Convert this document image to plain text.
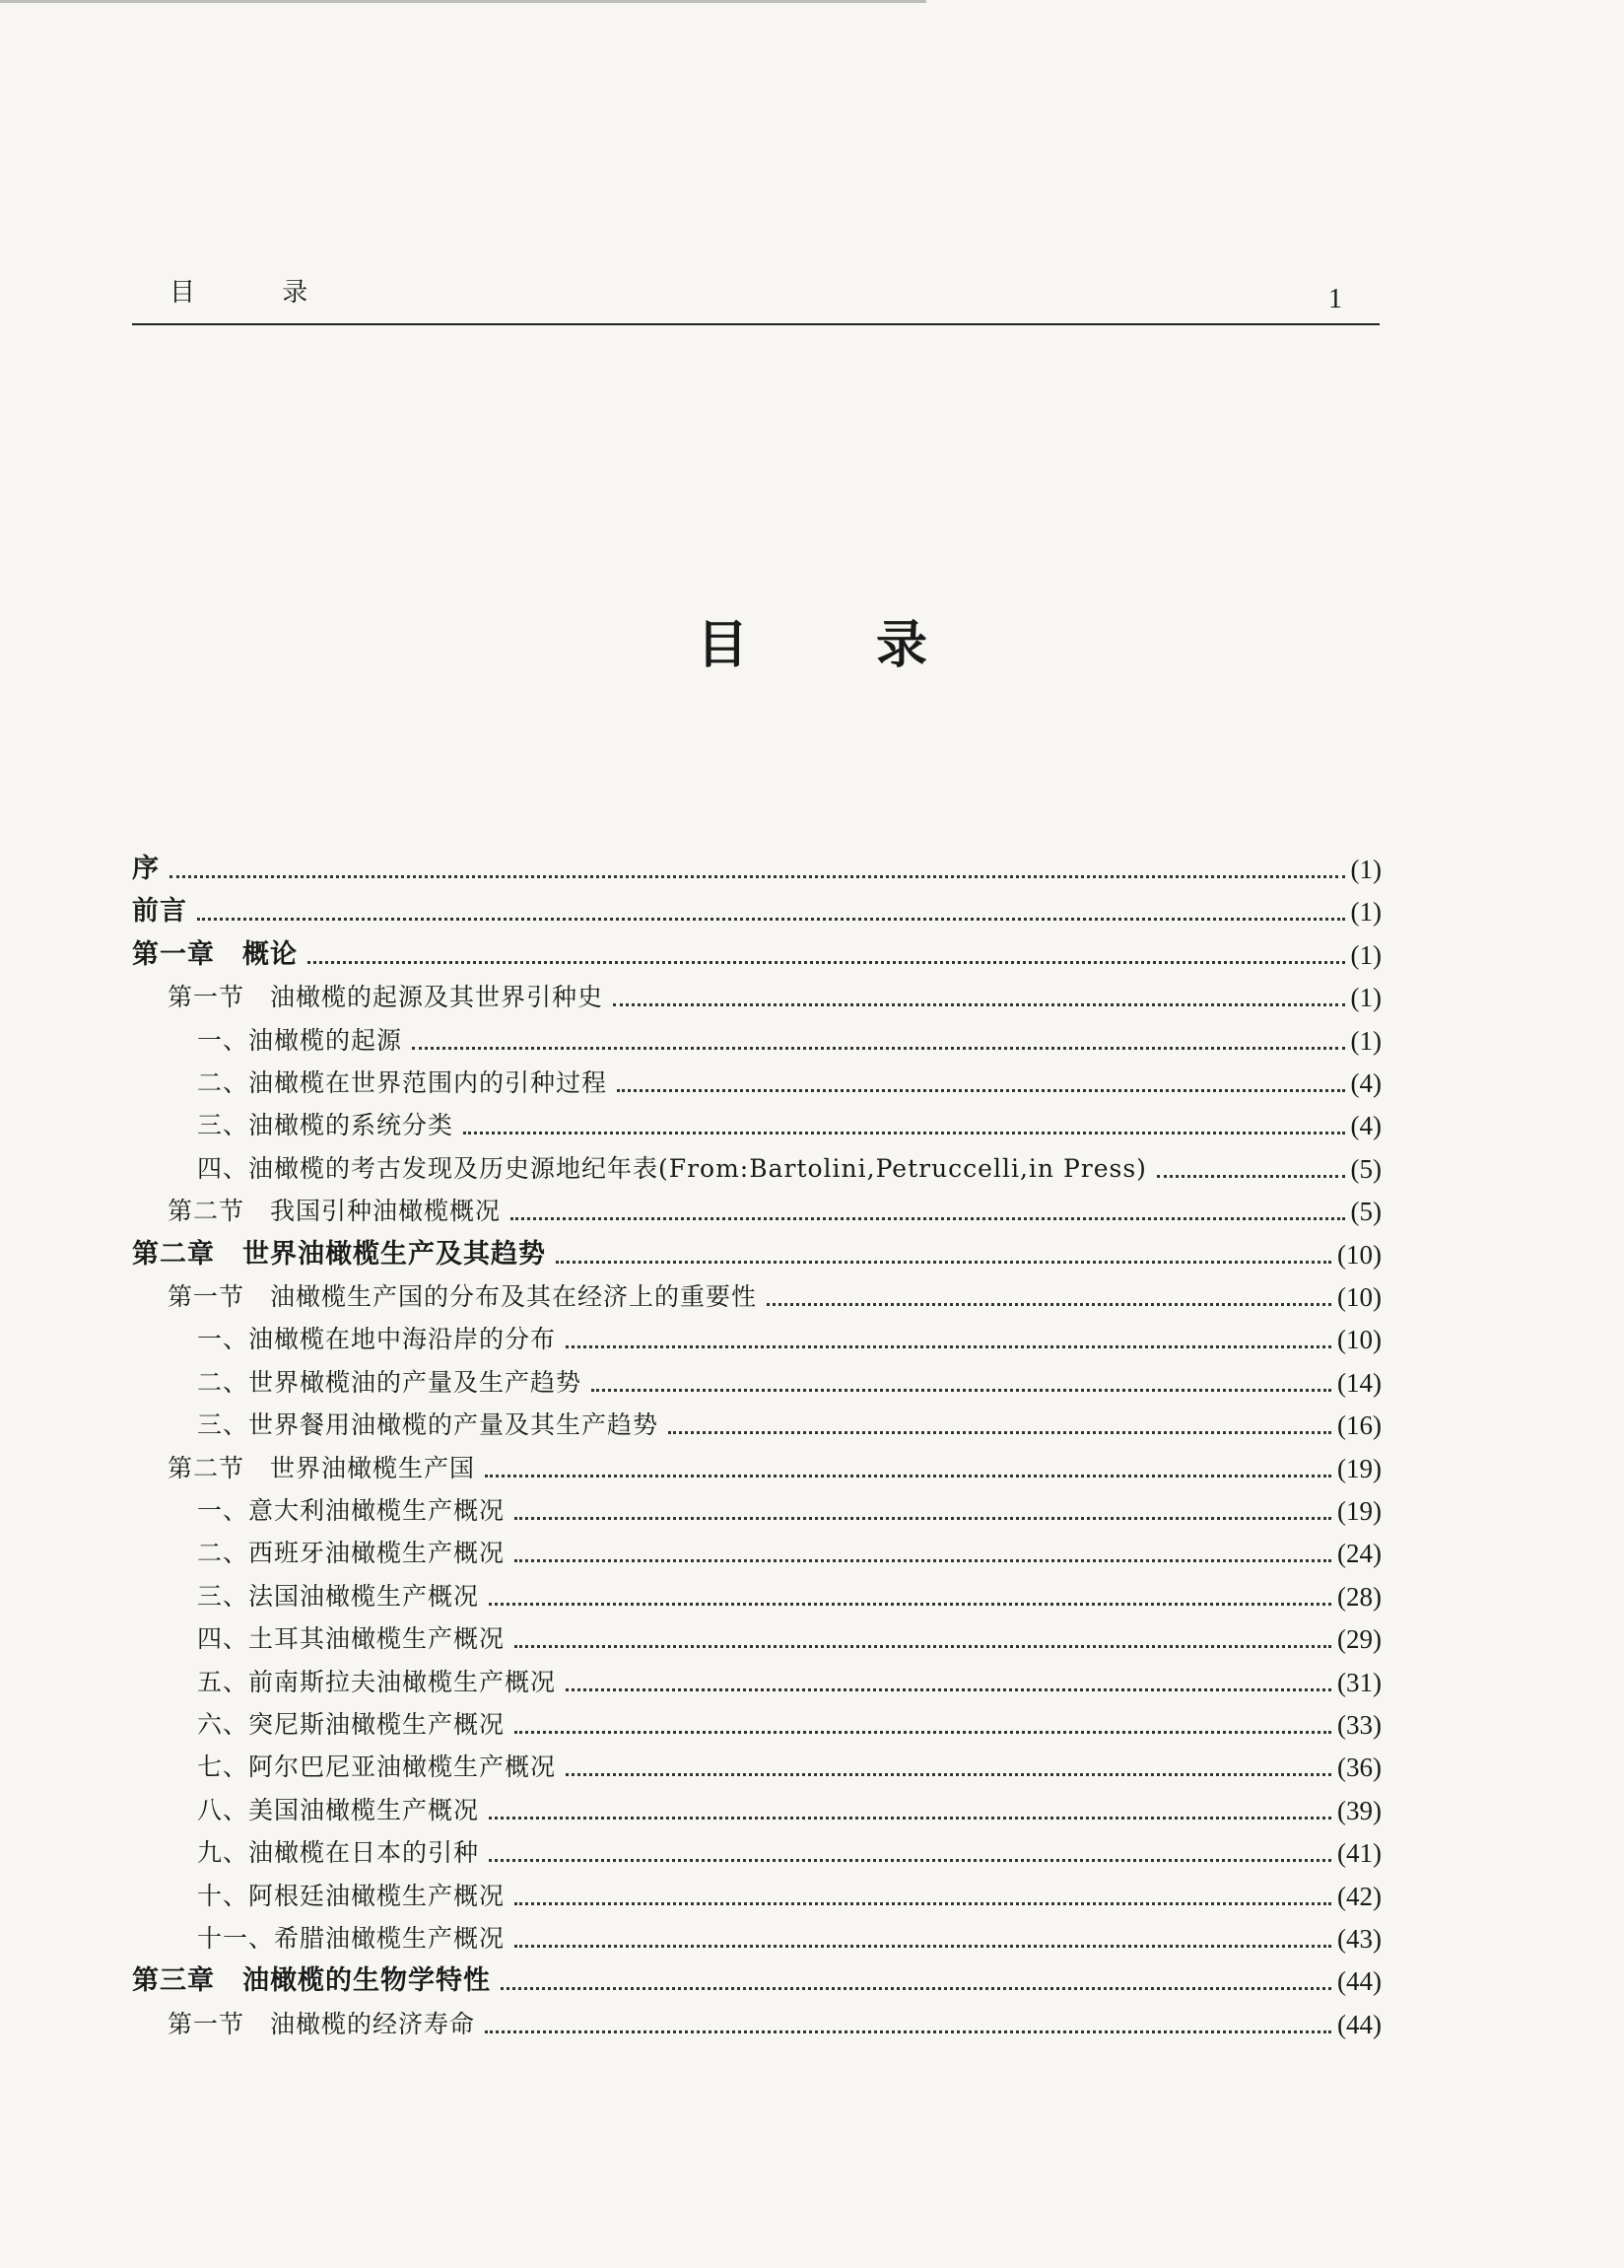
目 录	1
目录
序	(1)
前言	(1)
第一章　概论	(1)
第一节　油橄榄的起源及其世界引种史	(1)
一、油橄榄的起源	(1)
二、油橄榄在世界范围内的引种过程	(4)
三、油橄榄的系统分类	(4)
四、油橄榄的考古发现及历史源地纪年表(From:Bartolini,Petruccelli,in Press)	(5)
第二节　我国引种油橄榄概况	(5)
第二章　世界油橄榄生产及其趋势	(10)
第一节　油橄榄生产国的分布及其在经济上的重要性	(10)
一、油橄榄在地中海沿岸的分布	(10)
二、世界橄榄油的产量及生产趋势	(14)
三、世界餐用油橄榄的产量及其生产趋势	(16)
第二节　世界油橄榄生产国	(19)
一、意大利油橄榄生产概况	(19)
二、西班牙油橄榄生产概况	(24)
三、法国油橄榄生产概况	(28)
四、土耳其油橄榄生产概况	(29)
五、前南斯拉夫油橄榄生产概况	(31)
六、突尼斯油橄榄生产概况	(33)
七、阿尔巴尼亚油橄榄生产概况	(36)
八、美国油橄榄生产概况	(39)
九、油橄榄在日本的引种	(41)
十、阿根廷油橄榄生产概况	(42)
十一、希腊油橄榄生产概况	(43)
第三章　油橄榄的生物学特性	(44)
第一节　油橄榄的经济寿命	(44)
